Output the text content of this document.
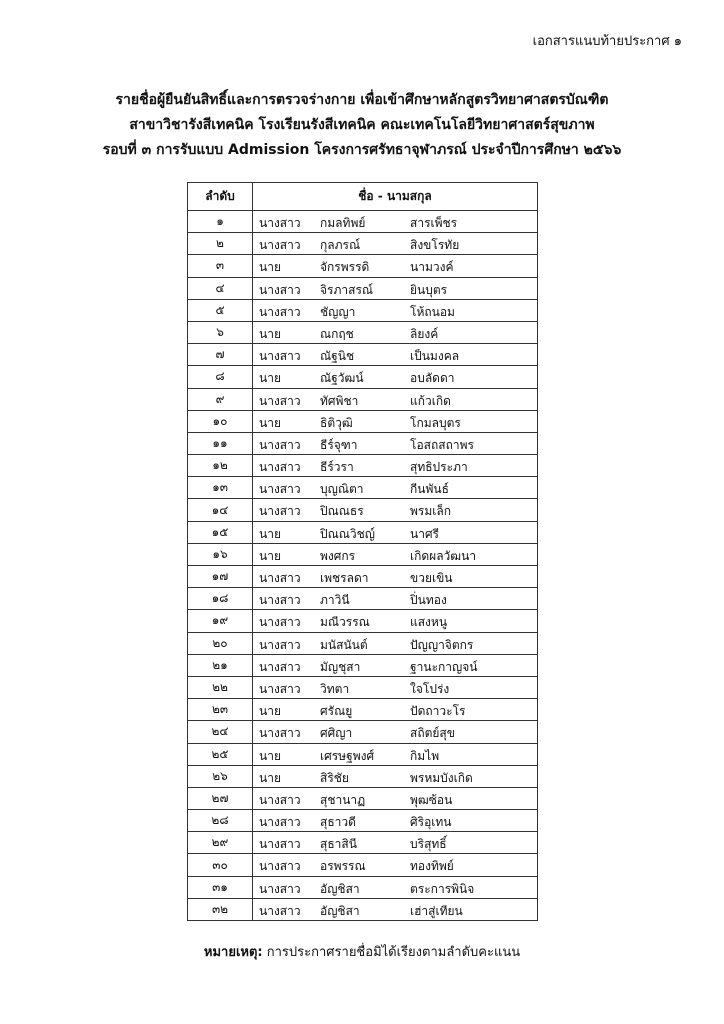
เอกสารแนบท้ายประกาศ ๑
รายชื่อผู้ยืนยันสิทธิ์และการตรวจร่างกาย เพื่อเข้าศึกษาหลักสูตรวิทยาศาสตรบัณฑิต
สาขาวิชารังสีเทคนิค โรงเรียนรังสีเทคนิค คณะเทคโนโลยีวิทยาศาสตร์สุขภาพ
รอบที่ ๓ การรับแบบ Admission โครงการศรัทธาจุฬาภรณ์ ประจำปีการศึกษา ๒๕๖๖
ลำดับ	ชื่อ - นามสกุล
๑	นางสาว กมลทิพย์ สารเพ็ชร

๒	นางสาว กุลภรณ์ สิงขโรทัย

๓	นาย จักรพรรดิ นามวงค์

๔	นางสาว จิรภาสรณ์ ยินบุตร

๕	นางสาว ชัญญา โห้ถนอม

๖	นาย ณกฤช ลิยงค์

๗	นางสาว ณัฐนิช เป็นมงคล

๘	นาย ณัฐวัฒน์ อบลัดดา

๙	นางสาว ทัศพิชา แก้วเกิด

๑๐	นาย ธิติวุฒิ โกมลบุตร

๑๑	นางสาว ธีร์จุฑา โอสถสถาพร

๑๒	นางสาว ธีร์วรา สุทธิประภา

๑๓	นางสาว บุญณิตา กีนพันธ์

๑๔	นางสาว ปิณณธร พรมเล็ก

๑๕	นาย ปิณณวิชญ์ นาศรี

๑๖	นาย พงศกร เกิดผลวัฒนา

๑๗	นางสาว เพชรลดา ขวยเขิน

๑๘	นางสาว ภาวินี ปิ่นทอง

๑๙	นางสาว มณีวรรณ แสงหนู

๒๐	นางสาว มนัสนันต์ ปัญญาจิตกร

๒๑	นางสาว มัญชุสา ฐานะกาญจน์

๒๒	นางสาว วิทตา ใจโปร่ง

๒๓	นาย ศรัณยู ปัดถาวะโร

๒๔	นางสาว ศศิญา สถิตย์สุข

๒๕	นาย เศรษฐพงศ์ กิมไพ

๒๖	นาย สิริชัย พรหมบังเกิด

๒๗	นางสาว สุชานาฏ พุฒซ้อน

๒๘	นางสาว สุธาวดี ศิริอุเทน

๒๙	นางสาว สุธาสินี บริสุทธิ์

๓๐	นางสาว อรพรรณ ทองทิพย์

๓๑	นางสาว อัญชิสา ตระการพินิจ

๓๒	นางสาว อัญชิสา เฮ่าสู่เทียน
หมายเหตุ: การประกาศรายชื่อมิได้เรียงตามลำดับคะแนน
